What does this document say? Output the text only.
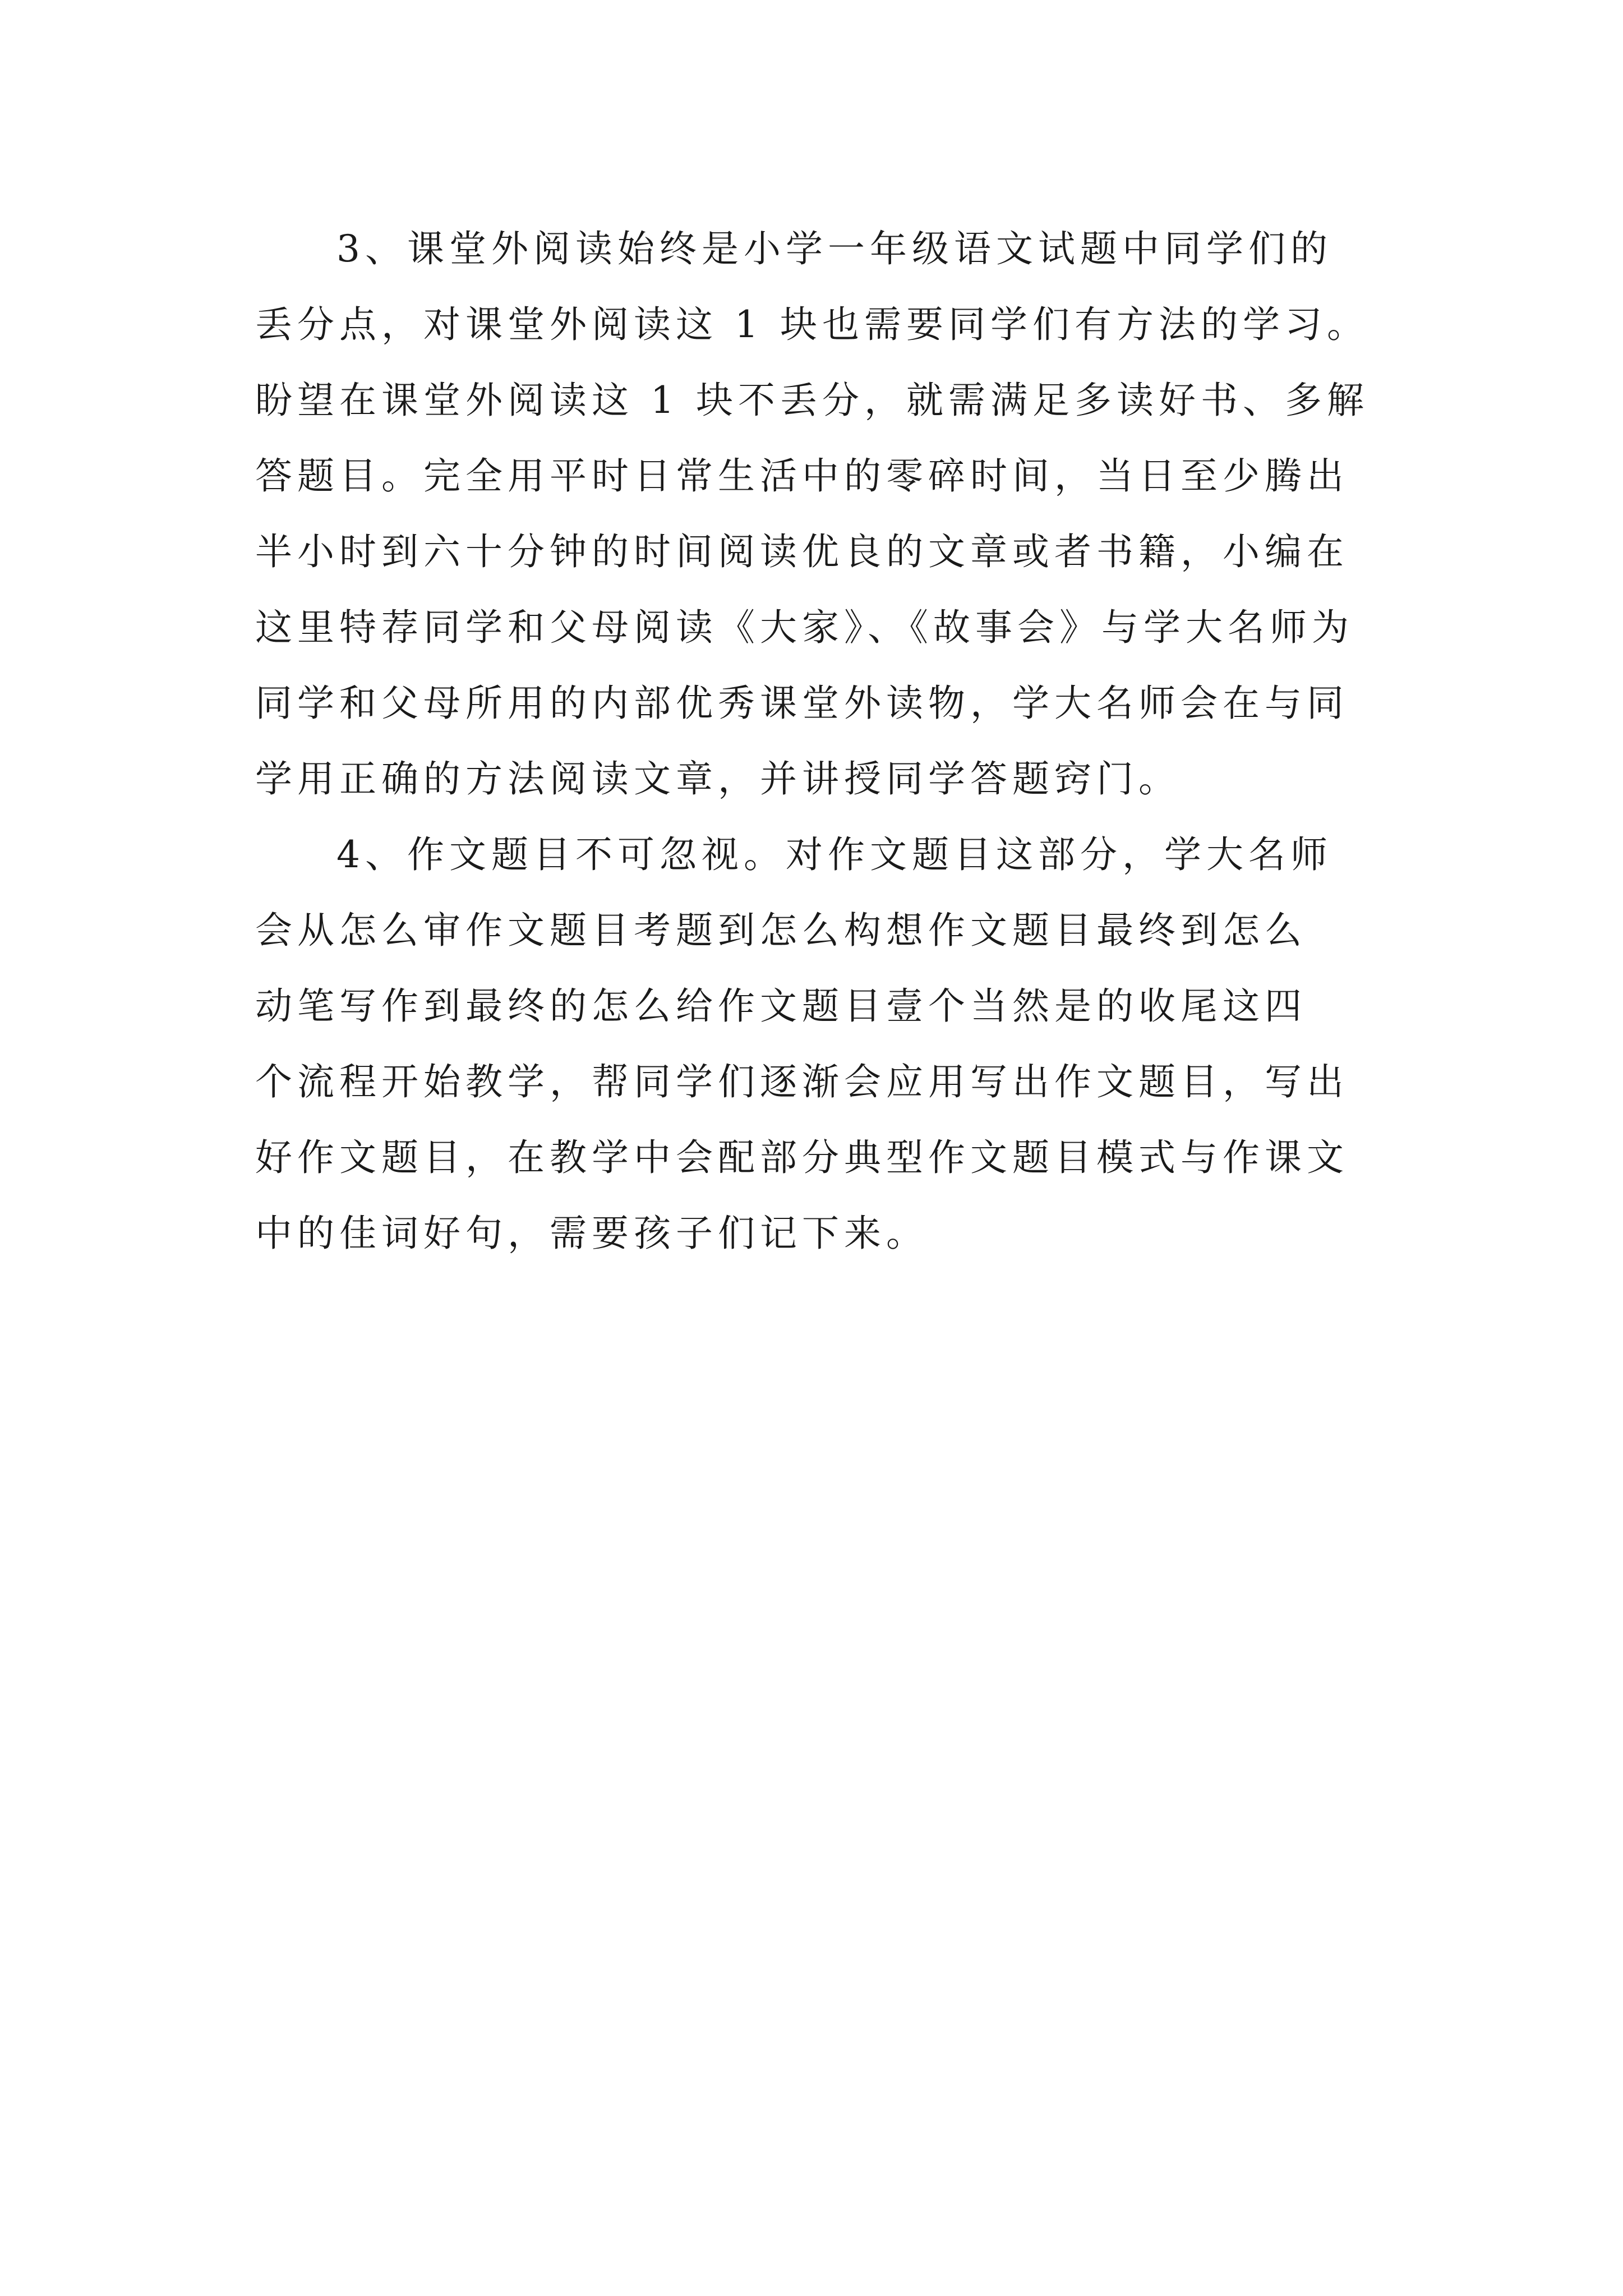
3、课堂外阅读始终是小学一年级语文试题中同学们的
丢分点，对课堂外阅读这 1 块也需要同学们有方法的学习。
盼望在课堂外阅读这 1 块不丢分，就需满足多读好书、多解
答题目。完全用平时日常生活中的零碎时间，当日至少腾出
半小时到六十分钟的时间阅读优良的文章或者书籍，小编在
这里特荐同学和父母阅读《大家》、《故事会》与学大名师为
同学和父母所用的内部优秀课堂外读物，学大名师会在与同
学用正确的方法阅读文章，并讲授同学答题窍门。
4、作文题目不可忽视。对作文题目这部分，学大名师
会从怎么审作文题目考题到怎么构想作文题目最终到怎么
动笔写作到最终的怎么给作文题目壹个当然是的收尾这四
个流程开始教学，帮同学们逐渐会应用写出作文题目，写出
好作文题目，在教学中会配部分典型作文题目模式与作课文
中的佳词好句，需要孩子们记下来。
